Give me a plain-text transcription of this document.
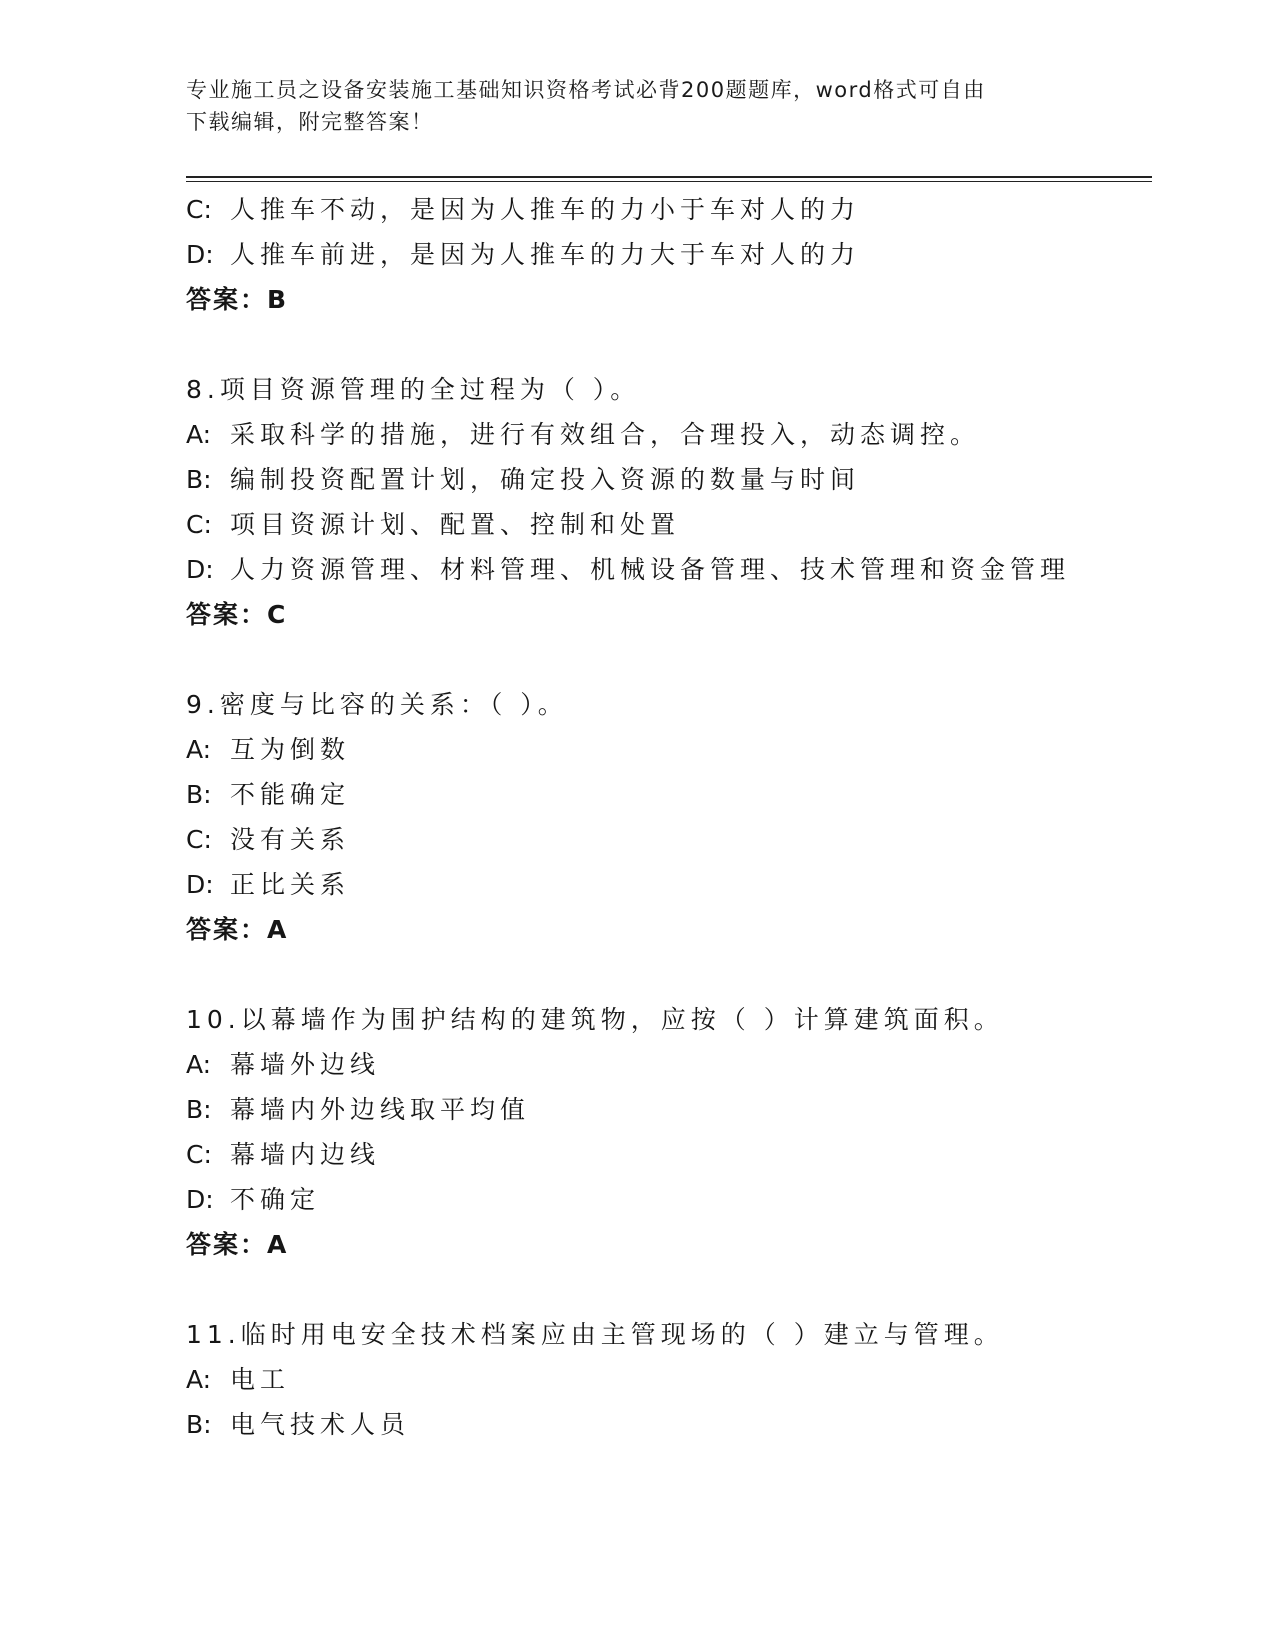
专业施工员之设备安装施工基础知识资格考试必背200题题库，word格式可自由
下载编辑，附完整答案！
C: 人推车不动，是因为人推车的力小于车对人的力
D: 人推车前进，是因为人推车的力大于车对人的力
答案：B
8.项目资源管理的全过程为（ ）。
A: 采取科学的措施，进行有效组合，合理投入，动态调控。
B: 编制投资配置计划，确定投入资源的数量与时间
C: 项目资源计划、配置、控制和处置
D: 人力资源管理、材料管理、机械设备管理、技术管理和资金管理
答案：C
9.密度与比容的关系：（ ）。
A: 互为倒数
B: 不能确定
C: 没有关系
D: 正比关系
答案：A
10.以幕墙作为围护结构的建筑物，应按（ ）计算建筑面积。
A: 幕墙外边线
B: 幕墙内外边线取平均值
C: 幕墙内边线
D: 不确定
答案：A
11.临时用电安全技术档案应由主管现场的（ ）建立与管理。
A: 电工
B: 电气技术人员
